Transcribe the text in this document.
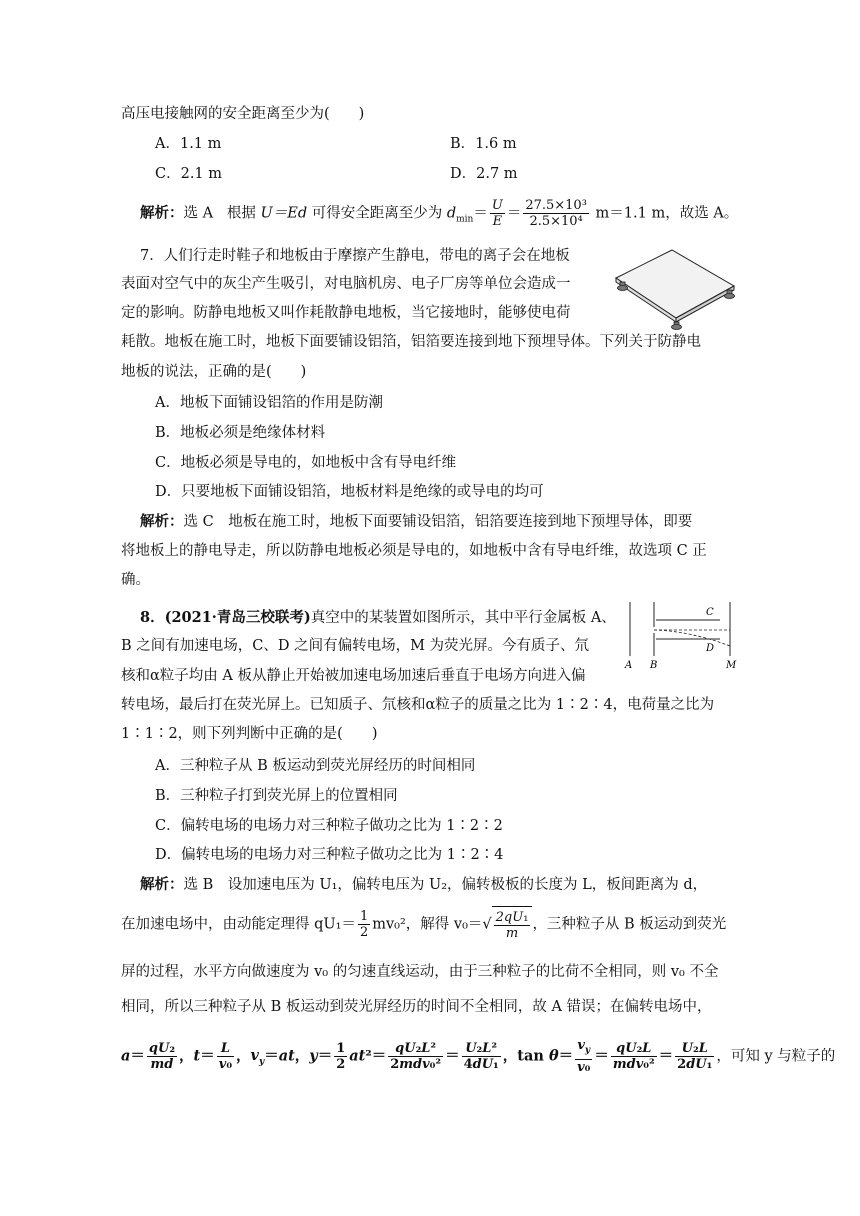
高压电接触网的安全距离至少为(　　)
A．1.1 m	B．1.6 m
C．2.1 m	D．2.7 m
解析：选 A 根据 U＝Ed 可得安全距离至少为 $d_{min}= \frac{U}{E} = \frac{\text{27.5×10³}}{\text{2.5×10⁴}} m=1.1$ m，故选 A。
7．人们行走时鞋子和地板由于摩擦产生静电，带电的离子会在地板
表面对空气中的灰尘产生吸引，对电脑机房、电子厂房等单位会造成一
定的影响。防静电地板又叫作耗散静电地板，当它接地时，能够使电荷
耗散。地板在施工时，地板下面要铺设铝箔，铝箔要连接到地下预埋导体。下列关于防静电
地板的说法，正确的是(　　)
A．地板下面铺设铝箔的作用是防潮
B．地板必须是绝缘体材料
C．地板必须是导电的，如地板中含有导电纤维
D．只要地板下面铺设铝箔，地板材料是绝缘的或导电的均可
解析：选 C　地板在施工时，地板下面要铺设铝箔，铝箔要连接到地下预埋导体，即要
将地板上的静电导走，所以防静电地板必须是导电的，如地板中含有导电纤维，故选项 C 正
确。
8．(2021·青岛三校联考)真空中的某装置如图所示，其中平行金属板 A、
B 之间有加速电场，C、D 之间有偏转电场，M 为荧光屏。今有质子、氘
核和α粒子均由 A 板从静止开始被加速电场加速后垂直于电场方向进入偏
转电场，最后打在荧光屏上。已知质子、氘核和α粒子的质量之比为 1∶2∶4，电荷量之比为
1∶1∶2，则下列判断中正确的是(　　)
A．三种粒子从 B 板运动到荧光屏经历的时间相同
B．三种粒子打到荧光屏上的位置相同
C．偏转电场的电场力对三种粒子做功之比为 1∶2∶2
D．偏转电场的电场力对三种粒子做功之比为 1∶2∶4
解析：选 B　设加速电压为 U₁，偏转电压为 U₂，偏转极板的长度为 L，板间距离为 d，
在加速电场中，由动能定理得 $qU_1= \frac{1}{2} mv_0^2$，解得 $v_0=√ \frac{\text{2qU₁}}{m}$ ，三种粒子从 B 板运动到荧光
屏的过程，水平方向做速度为 v₀ 的匀速直线运动，由于三种粒子的比荷不全相同，则 v₀ 不全
相同，所以三种粒子从 B 板运动到荧光屏经历的时间不全相同，故 A 错误；在偏转电场中，
$a= \frac{\text{qU₂}}{md}$ ，$t= \frac{L}{\text{v₀}}$ ，$v_y=at$，$y= \frac{1}{2} at^2= \frac{\text{qU₂L²}}{\text{2mdv₀²}} = \frac{\text{U₂L²}}{\text{4dU₁}}$ ，$\tan \theta= \frac{v_y}{\text{v₀}} = \frac{\text{qU₂L}}{\text{mdv₀²}} = \frac{\text{U₂L}}{\text{2dU₁}}$ ，可知 y 与粒子的
C
D
A B	M
